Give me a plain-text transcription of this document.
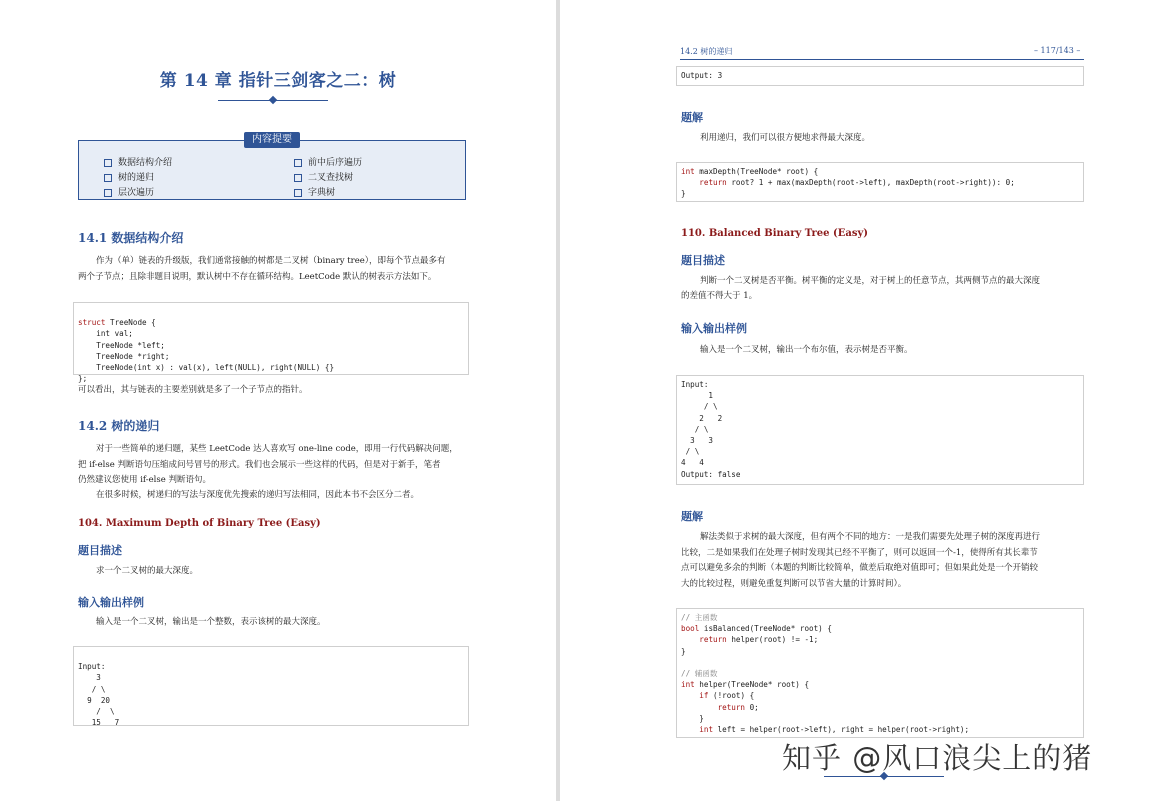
第 14 章 指针三剑客之二：树
内容提要
数据结构介绍	前中后序遍历
树的递归	二叉查找树
层次遍历	字典树
14.1 数据结构介绍
作为（单）链表的升级版，我们通常接触的树都是二叉树（binary tree），即每个节点最多有
两个子节点；且除非题目说明，默认树中不存在循环结构。LeetCode 默认的树表示方法如下。

struct TreeNode {
int val;
TreeNode *left;
TreeNode *right;
TreeNode(int x) : val(x), left(NULL), right(NULL) {}
};
可以看出，其与链表的主要差别就是多了一个子节点的指针。
14.2 树的递归
对于一些简单的递归题，某些 LeetCode 达人喜欢写 one-line code，即用一行代码解决问题，
把 if-else 判断语句压缩成问号冒号的形式。我们也会展示一些这样的代码，但是对于新手，笔者
仍然建议您使用 if-else 判断语句。
在很多时候，树递归的写法与深度优先搜索的递归写法相同，因此本书不会区分二者。
104. Maximum Depth of Binary Tree (Easy)
题目描述
求一个二叉树的最大深度。
输入输出样例
输入是一个二叉树，输出是一个整数，表示该树的最大深度。

Input:
3
/ \
9  20
/  \
15   7
14.2 树的递归	– 117/143 –
Output: 3
题解
利用递归，我们可以很方便地求得最大深度。
int maxDepth(TreeNode* root) {
return root? 1 + max(maxDepth(root->left), maxDepth(root->right)): 0;
}
110. Balanced Binary Tree (Easy)
题目描述
判断一个二叉树是否平衡。树平衡的定义是，对于树上的任意节点，其两侧节点的最大深度
的差值不得大于 1。
输入输出样例
输入是一个二叉树，输出一个布尔值，表示树是否平衡。
Input:
1
/ \
2   2
/ \
3   3
/ \
4   4
Output: false
题解
解法类似于求树的最大深度，但有两个不同的地方：一是我们需要先处理子树的深度再进行
比较，二是如果我们在处理子树时发现其已经不平衡了，则可以返回一个-1，使得所有其长辈节
点可以避免多余的判断（本题的判断比较简单，做差后取绝对值即可；但如果此处是一个开销较
大的比较过程，则避免重复判断可以节省大量的计算时间）。
// 主函数
bool isBalanced(TreeNode* root) {
return helper(root) != -1;
}

// 辅函数
int helper(TreeNode* root) {
if (!root) {
return 0;
}
int left = helper(root->left), right = helper(root->right);
知乎 @风口浪尖上的猪
